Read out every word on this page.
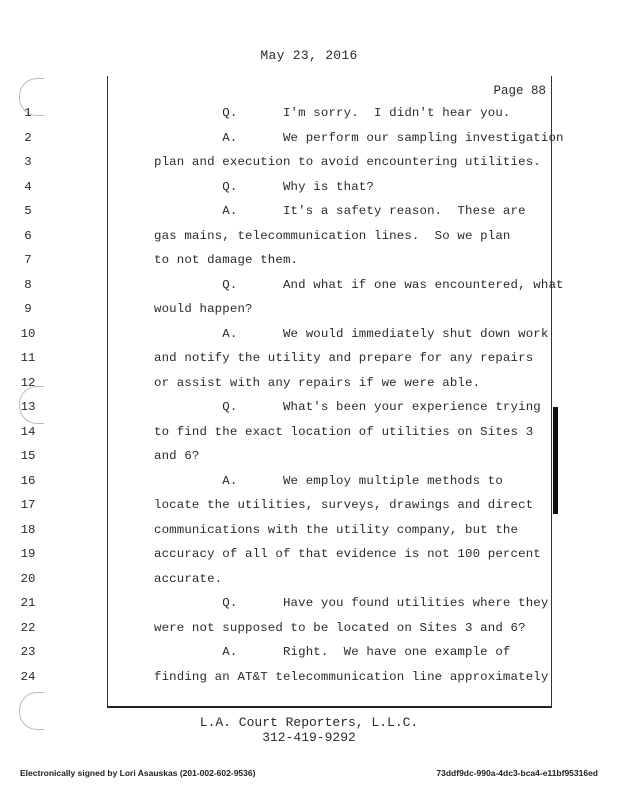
May 23, 2016
Page 88
1	Q.      I'm sorry.  I didn't hear you.
2	A.      We perform our sampling investigation
3	plan and execution to avoid encountering utilities.
4	Q.      Why is that?
5	A.      It's a safety reason.  These are
6	gas mains, telecommunication lines.  So we plan
7	to not damage them.
8	Q.      And what if one was encountered, what
9	would happen?
10	A.      We would immediately shut down work
11	and notify the utility and prepare for any repairs
12	or assist with any repairs if we were able.
13	Q.      What's been your experience trying
14	to find the exact location of utilities on Sites 3
15	and 6?
16	A.      We employ multiple methods to
17	locate the utilities, surveys, drawings and direct
18	communications with the utility company, but the
19	accuracy of all of that evidence is not 100 percent
20	accurate.
21	Q.      Have you found utilities where they
22	were not supposed to be located on Sites 3 and 6?
23	A.      Right.  We have one example of
24	finding an AT&T telecommunication line approximately
L.A. Court Reporters, L.L.C.
312-419-9292
Electronically signed by Lori Asauskas (201-002-602-9536)	73ddf9dc-990a-4dc3-bca4-e11bf95316ed
